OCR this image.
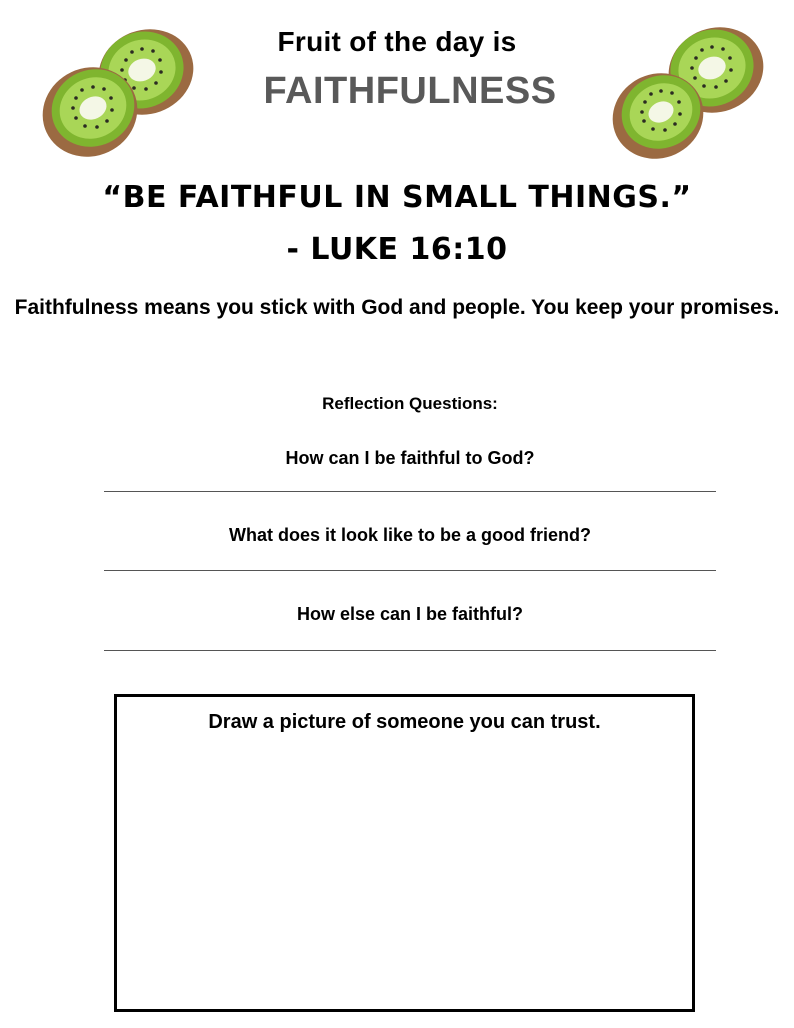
Fruit of the day is
FAITHFULNESS
“BE FAITHFUL IN SMALL THINGS.”
- LUKE 16:10
Faithfulness means you stick with God and people. You keep your promises.
Reflection Questions:
How can I be faithful to God?
What does it look like to be a good friend?
How else can I be faithful?
Draw a picture of someone you can trust.
